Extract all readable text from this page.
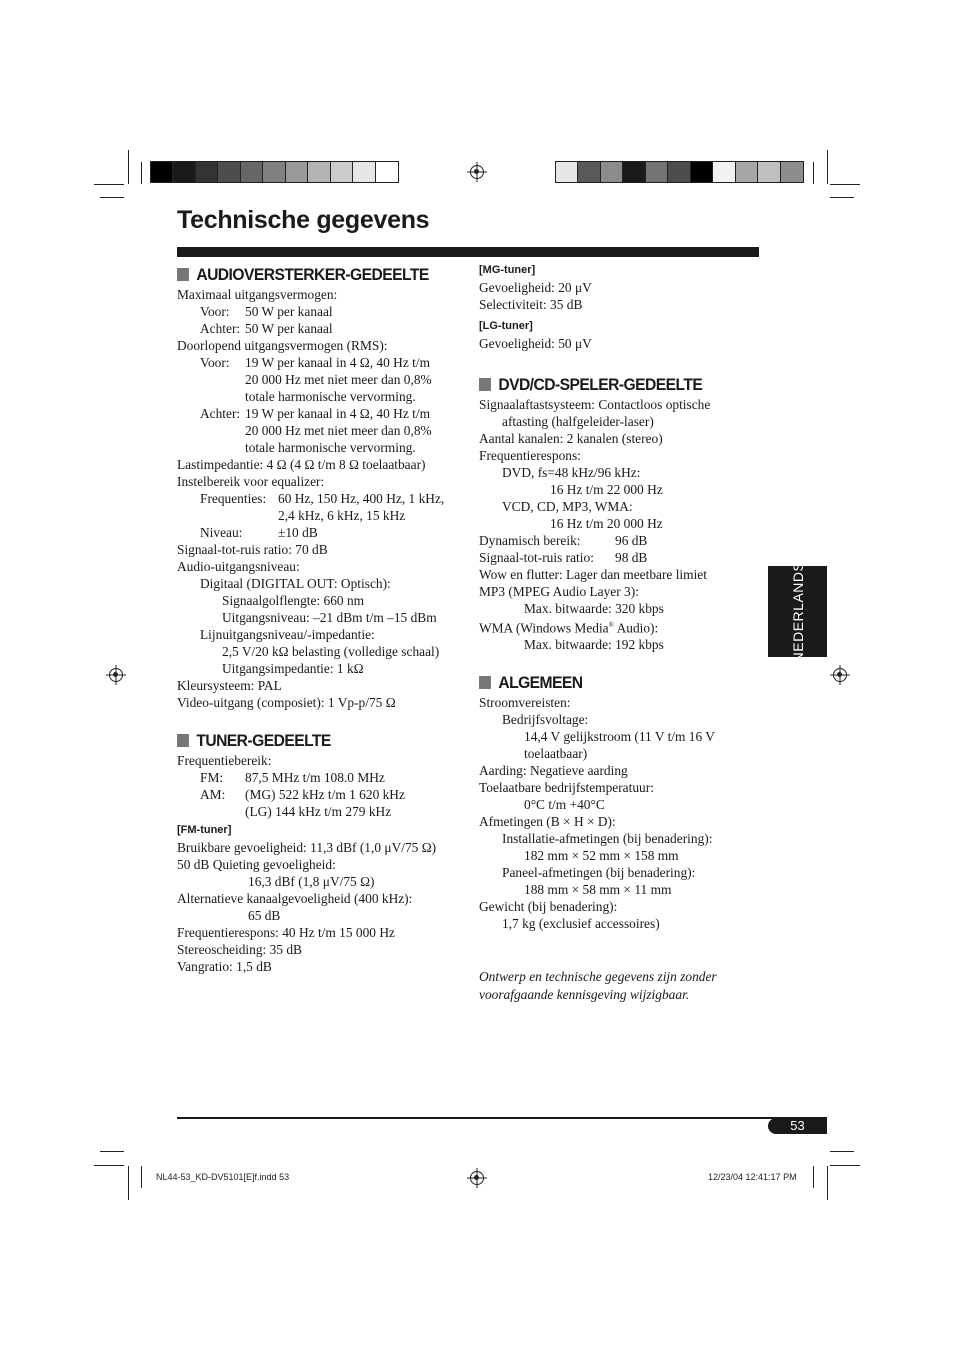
Technische gegevens
AUDIOVERSTERKER-GEDEELTE

Maximaal uitgangsvermogen:

Voor: 50 W per kanaal

Achter: 50 W per kanaal

Doorlopend uitgangsvermogen (RMS):

Voor: 19 W per kanaal in 4 Ω, 40 Hz t/m

20 000 Hz met niet meer dan 0,8%

totale harmonische vervorming.

Achter: 19 W per kanaal in 4 Ω, 40 Hz t/m

20 000 Hz met niet meer dan 0,8%

totale harmonische vervorming.

Lastimpedantie: 4 Ω (4 Ω t/m 8 Ω toelaatbaar)

Instelbereik voor equalizer:

Frequenties: 60 Hz, 150 Hz, 400 Hz, 1 kHz,

2,4 kHz, 6 kHz, 15 kHz

Niveau:	±10 dB

Signaal-tot-ruis ratio: 70 dB

Audio-uitgangsniveau:

Digitaal (DIGITAL OUT: Optisch):

Signaalgolflengte: 660 nm

Uitgangsniveau: –21 dBm t/m –15 dBm

Lijnuitgangsniveau/-impedantie:

2,5 V/20 kΩ belasting (volledige schaal)

Uitgangsimpedantie: 1 kΩ

Kleursysteem: PAL

Video-uitgang (composiet): 1 Vp-p/75 Ω

TUNER-GEDEELTE

Frequentiebereik:

FM: 87,5 MHz t/m 108.0 MHz

AM: (MG) 522 kHz t/m 1 620 kHz

(LG) 144 kHz t/m 279 kHz

[FM-tuner]

Bruikbare gevoeligheid: 11,3 dBf (1,0 μV/75 Ω)

50 dB Quieting gevoeligheid:

16,3 dBf (1,8 μV/75 Ω)

Alternatieve kanaalgevoeligheid (400 kHz):

65 dB

Frequentierespons: 40 Hz t/m 15 000 Hz

Stereoscheiding: 35 dB

Vangratio: 1,5 dB

[MG-tuner]

Gevoeligheid: 20 μV

Selectiviteit: 35 dB

[LG-tuner]

Gevoeligheid: 50 μV

DVD/CD-SPELER-GEDEELTE

Signaalaftastsysteem: Contactloos optische

aftasting (halfgeleider-laser)

Aantal kanalen: 2 kanalen (stereo)

Frequentierespons:

DVD, fs=48 kHz/96 kHz:

16 Hz t/m 22 000 Hz

VCD, CD, MP3, WMA:

16 Hz t/m 20 000 Hz

Dynamisch bereik:	96 dB

Signaal-tot-ruis ratio: 98 dB

Wow en flutter: Lager dan meetbare limiet

MP3 (MPEG Audio Layer 3):

Max. bitwaarde: 320 kbps

WMA (Windows Media® Audio):

Max. bitwaarde: 192 kbps

ALGEMEEN

Stroomvereisten:

Bedrijfsvoltage:

14,4 V gelijkstroom (11 V t/m 16 V

toelaatbaar)

Aarding: Negatieve aarding

Toelaatbare bedrijfstemperatuur:

0°C t/m +40°C

Afmetingen (B × H × D):

Installatie-afmetingen (bij benadering):

182 mm × 52 mm × 158 mm

Paneel-afmetingen (bij benadering):

188 mm × 58 mm × 11 mm

Gewicht (bij benadering):

1,7 kg (exclusief accessoires)

Ontwerp en technische gegevens zijn zonder

voorafgaande kennisgeving wijzigbaar.

NEDERLANDS
53
NL44-53_KD-DV5101[E]f.indd 53	12/23/04 12:41:17 PM
